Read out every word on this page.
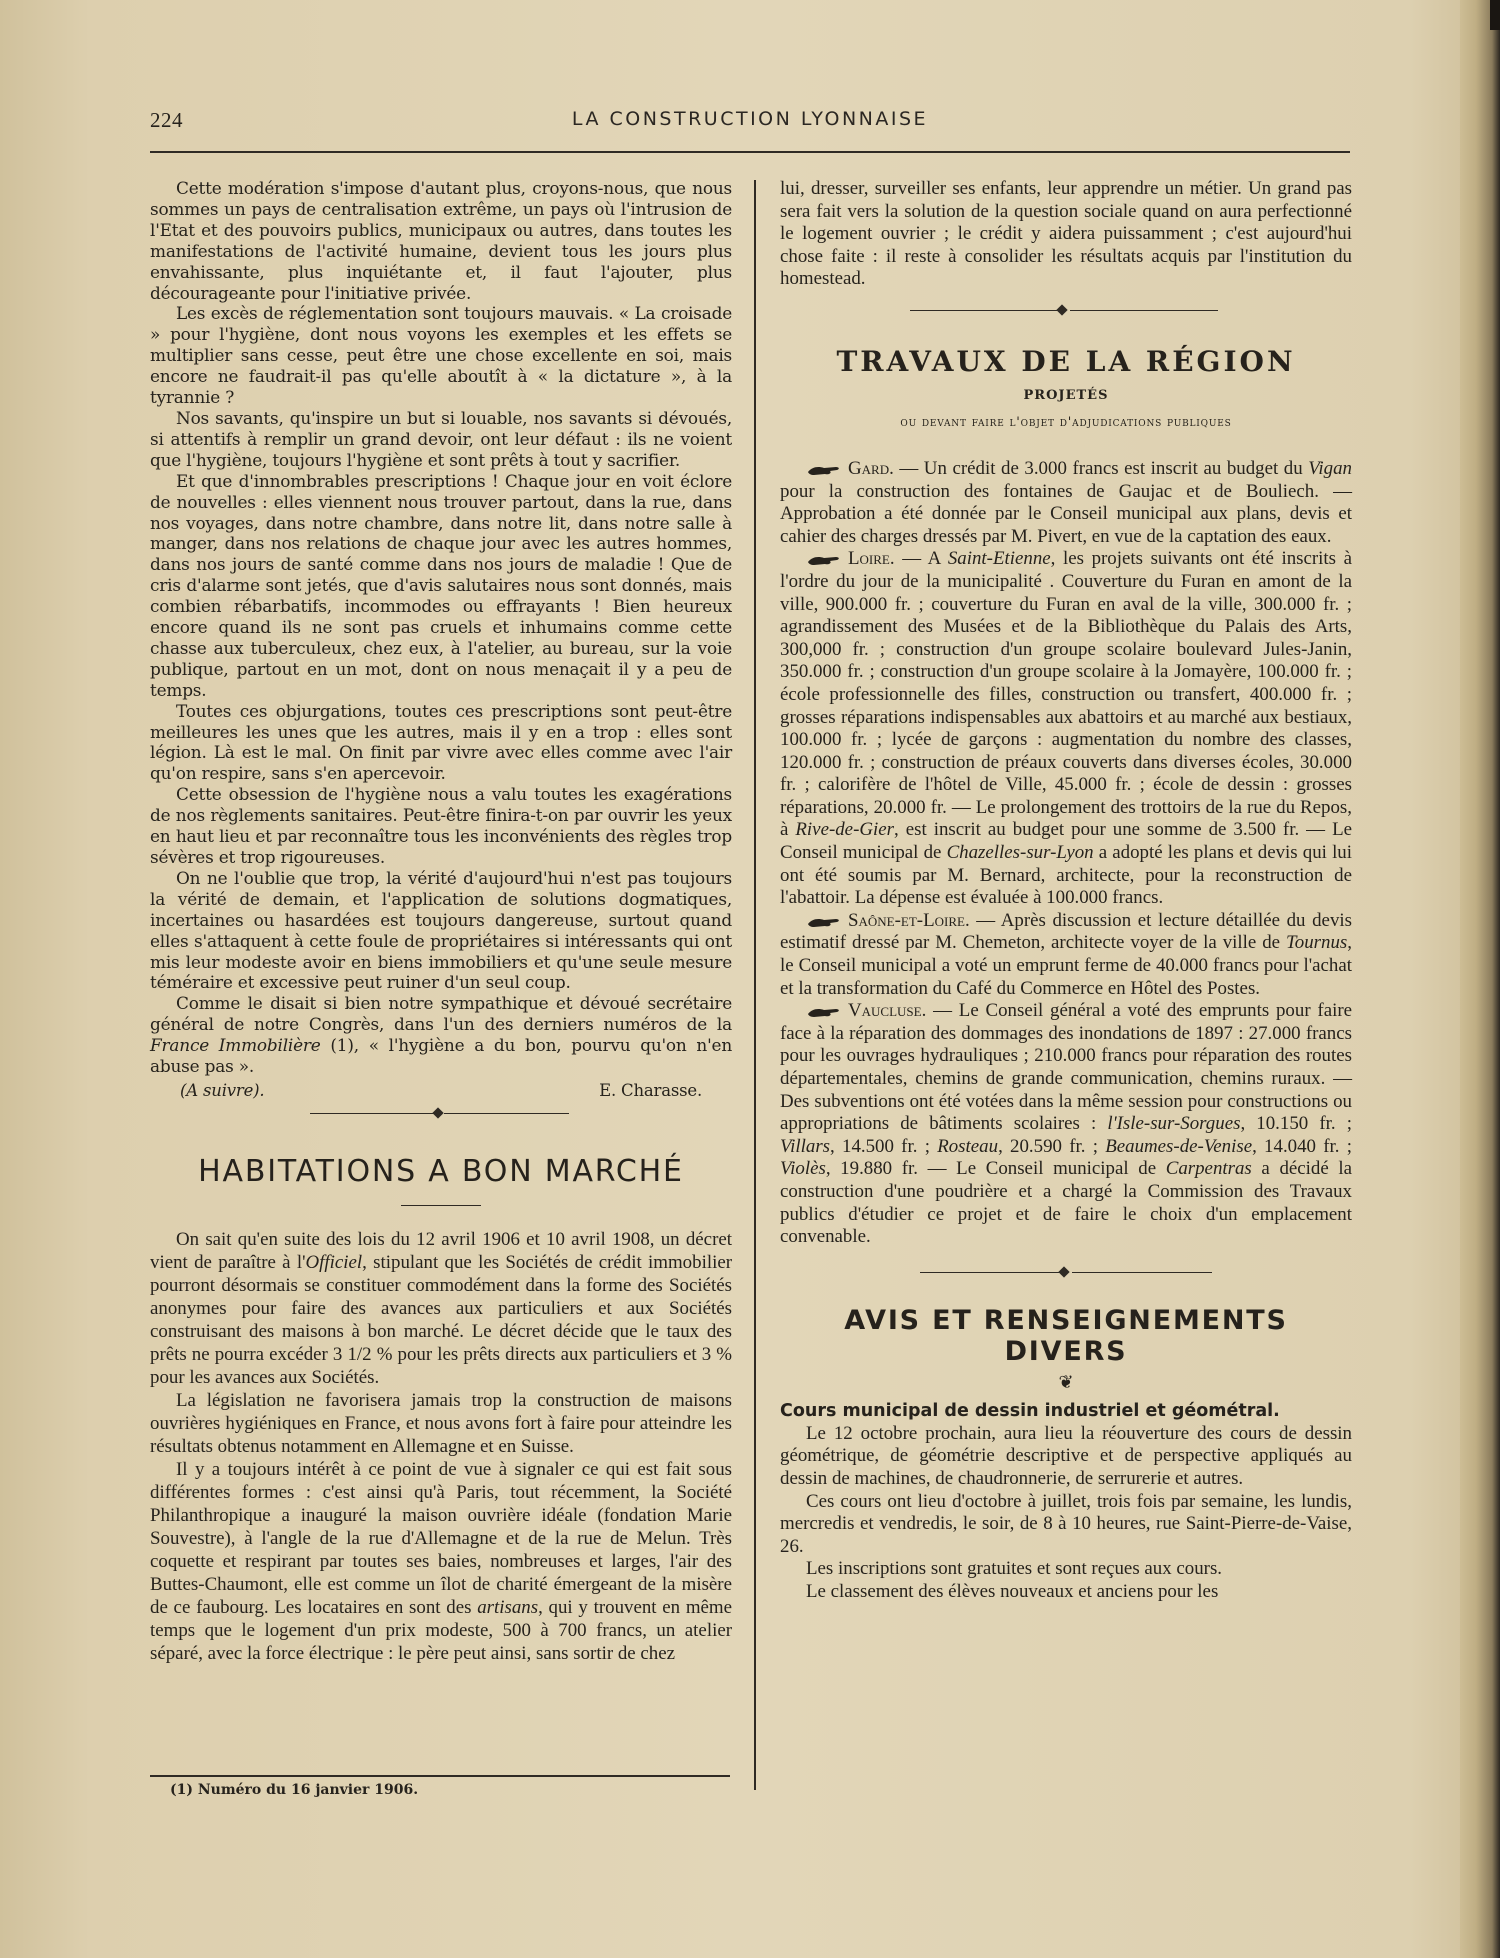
224	LA CONSTRUCTION LYONNAISE

Cette modération s'impose d'autant plus, croyons-nous, que nous sommes un pays de centralisation extrême, un pays où l'intrusion de l'Etat et des pouvoirs publics, municipaux ou autres, dans toutes les manifestations de l'activité humaine, devient tous les jours plus envahissante, plus inquiétante et, il faut l'ajouter, plus décourageante pour l'initiative privée.

Les excès de réglementation sont toujours mauvais. « La croisade » pour l'hygiène, dont nous voyons les exemples et les effets se multiplier sans cesse, peut être une chose excellente en soi, mais encore ne faudrait-il pas qu'elle aboutît à « la dictature », à la tyrannie ?

Nos savants, qu'inspire un but si louable, nos savants si dévoués, si attentifs à remplir un grand devoir, ont leur défaut : ils ne voient que l'hygiène, toujours l'hygiène et sont prêts à tout y sacrifier.

Et que d'innombrables prescriptions ! Chaque jour en voit éclore de nouvelles : elles viennent nous trouver partout, dans la rue, dans nos voyages, dans notre chambre, dans notre lit, dans notre salle à manger, dans nos relations de chaque jour avec les autres hommes, dans nos jours de santé comme dans nos jours de maladie ! Que de cris d'alarme sont jetés, que d'avis salutaires nous sont donnés, mais combien rébarbatifs, incommodes ou effrayants ! Bien heureux encore quand ils ne sont pas cruels et inhumains comme cette chasse aux tuberculeux, chez eux, à l'atelier, au bureau, sur la voie publique, partout en un mot, dont on nous menaçait il y a peu de temps.

Toutes ces objurgations, toutes ces prescriptions sont peut-être meilleures les unes que les autres, mais il y en a trop : elles sont légion. Là est le mal. On finit par vivre avec elles comme avec l'air qu'on respire, sans s'en apercevoir.

Cette obsession de l'hygiène nous a valu toutes les exagérations de nos règlements sanitaires. Peut-être finira-t-on par ouvrir les yeux en haut lieu et par reconnaître tous les inconvénients des règles trop sévères et trop rigoureuses.

On ne l'oublie que trop, la vérité d'aujourd'hui n'est pas toujours la vérité de demain, et l'application de solutions dogmatiques, incertaines ou hasardées est toujours dangereuse, surtout quand elles s'attaquent à cette foule de propriétaires si intéressants qui ont mis leur modeste avoir en biens immobiliers et qu'une seule mesure téméraire et excessive peut ruiner d'un seul coup.

Comme le disait si bien notre sympathique et dévoué secrétaire général de notre Congrès, dans l'un des derniers numéros de la France Immobilière (1), « l'hygiène a du bon, pourvu qu'on n'en abuse pas ».

(A suivre).	E. Charasse.
HABITATIONS A BON MARCHÉ

On sait qu'en suite des lois du 12 avril 1906 et 10 avril 1908, un décret vient de paraître à l'Officiel, stipulant que les Sociétés de crédit immobilier pourront désormais se constituer commodément dans la forme des Sociétés anonymes pour faire des avances aux particuliers et aux Sociétés construisant des maisons à bon marché. Le décret décide que le taux des prêts ne pourra excéder 3 1/2 % pour les prêts directs aux particuliers et 3 % pour les avances aux Sociétés.

La législation ne favorisera jamais trop la construction de maisons ouvrières hygiéniques en France, et nous avons fort à faire pour atteindre les résultats obtenus notamment en Allemagne et en Suisse.

Il y a toujours intérêt à ce point de vue à signaler ce qui est fait sous différentes formes : c'est ainsi qu'à Paris, tout récemment, la Société Philanthropique a inauguré la maison ouvrière idéale (fondation Marie Souvestre), à l'angle de la rue d'Allemagne et de la rue de Melun. Très coquette et respirant par toutes ses baies, nombreuses et larges, l'air des Buttes-Chaumont, elle est comme un îlot de charité émergeant de la misère de ce faubourg. Les locataires en sont des artisans, qui y trouvent en même temps que le logement d'un prix modeste, 500 à 700 francs, un atelier séparé, avec la force électrique : le père peut ainsi, sans sortir de chez

(1) Numéro du 16 janvier 1906.

lui, dresser, surveiller ses enfants, leur apprendre un métier. Un grand pas sera fait vers la solution de la question sociale quand on aura perfectionné le logement ouvrier ; le crédit y aidera puissamment ; c'est aujourd'hui chose faite : il reste à consolider les résultats acquis par l'institution du homestead.

TRAVAUX DE LA RÉGION
PROJETÉS
ou devant faire l'objet d'adjudications publiques

Gard. — Un crédit de 3.000 francs est inscrit au budget du Vigan pour la construction des fontaines de Gaujac et de Bouliech. — Approbation a été donnée par le Conseil municipal aux plans, devis et cahier des charges dressés par M. Pivert, en vue de la captation des eaux.

Loire. — A Saint-Etienne, les projets suivants ont été inscrits à l'ordre du jour de la municipalité . Couverture du Furan en amont de la ville, 900.000 fr. ; couverture du Furan en aval de la ville, 300.000 fr. ; agrandissement des Musées et de la Bibliothèque du Palais des Arts, 300,000 fr. ; construction d'un groupe scolaire boulevard Jules-Janin, 350.000 fr. ; construction d'un groupe scolaire à la Jomayère, 100.000 fr. ; école professionnelle des filles, construction ou transfert, 400.000 fr. ; grosses réparations indispensables aux abattoirs et au marché aux bestiaux, 100.000 fr. ; lycée de garçons : augmentation du nombre des classes, 120.000 fr. ; construction de préaux couverts dans diverses écoles, 30.000 fr. ; calorifère de l'hôtel de Ville, 45.000 fr. ; école de dessin : grosses réparations, 20.000 fr. — Le prolongement des trottoirs de la rue du Repos, à Rive-de-Gier, est inscrit au budget pour une somme de 3.500 fr. — Le Conseil municipal de Chazelles-sur-Lyon a adopté les plans et devis qui lui ont été soumis par M. Bernard, architecte, pour la reconstruction de l'abattoir. La dépense est évaluée à 100.000 francs.

Saône-et-Loire. — Après discussion et lecture détaillée du devis estimatif dressé par M. Chemeton, architecte voyer de la ville de Tournus, le Conseil municipal a voté un emprunt ferme de 40.000 francs pour l'achat et la transformation du Café du Commerce en Hôtel des Postes.

Vaucluse. — Le Conseil général a voté des emprunts pour faire face à la réparation des dommages des inondations de 1897 : 27.000 francs pour les ouvrages hydrauliques ; 210.000 francs pour réparation des routes départementales, chemins de grande communication, chemins ruraux. — Des subventions ont été votées dans la même session pour constructions ou appropriations de bâtiments scolaires : l'Isle-sur-Sorgues, 10.150 fr. ; Villars, 14.500 fr. ; Rosteau, 20.590 fr. ; Beaumes-de-Venise, 14.040 fr. ; Violès, 19.880 fr. — Le Conseil municipal de Carpentras a décidé la construction d'une poudrière et a chargé la Commission des Travaux publics d'étudier ce projet et de faire le choix d'un emplacement convenable.

AVIS ET RENSEIGNEMENTS DIVERS
❦
Cours municipal de dessin industriel et géométral.

Le 12 octobre prochain, aura lieu la réouverture des cours de dessin géométrique, de géométrie descriptive et de perspective appliqués au dessin de machines, de chaudronnerie, de serrurerie et autres.

Ces cours ont lieu d'octobre à juillet, trois fois par semaine, les lundis, mercredis et vendredis, le soir, de 8 à 10 heures, rue Saint-Pierre-de-Vaise, 26.

Les inscriptions sont gratuites et sont reçues aux cours.

Le classement des élèves nouveaux et anciens pour les
